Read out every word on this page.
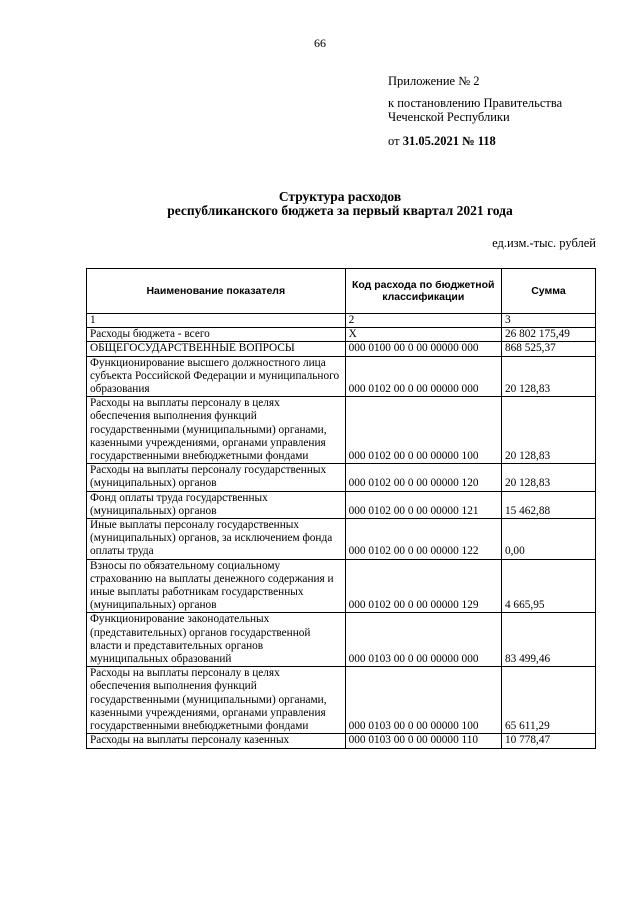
66
Приложение № 2
к постановлению Правительства
Чеченской Республики
от 31.05.2021 № 118
Структура расходов
республиканского бюджета за первый квартал 2021 года
ед.изм.-тыс. рублей
Наименование показателя	Код расхода по бюджетной классификации	Сумма
1	2	3
Расходы бюджета - всего	X	26 802 175,49
ОБЩЕГОСУДАРСТВЕННЫЕ ВОПРОСЫ	000 0100 00 0 00 00000 000	868 525,37
Функционирование высшего должностного лица субъекта Российской Федерации и муниципального образования	000 0102 00 0 00 00000 000	20 128,83
Расходы на выплаты персоналу в целях обеспечения выполнения функций государственными (муниципальными) органами, казенными учреждениями, органами управления государственными внебюджетными фондами	000 0102 00 0 00 00000 100	20 128,83
Расходы на выплаты персоналу государственных (муниципальных) органов	000 0102 00 0 00 00000 120	20 128,83
Фонд оплаты труда государственных (муниципальных) органов	000 0102 00 0 00 00000 121	15 462,88
Иные выплаты персоналу государственных (муниципальных) органов, за исключением фонда оплаты труда	000 0102 00 0 00 00000 122	0,00
Взносы по обязательному социальному страхованию на выплаты денежного содержания и иные выплаты работникам государственных (муниципальных) органов	000 0102 00 0 00 00000 129	4 665,95
Функционирование законодательных (представительных) органов государственной власти и представительных органов муниципальных образований	000 0103 00 0 00 00000 000	83 499,46
Расходы на выплаты персоналу в целях обеспечения выполнения функций государственными (муниципальными) органами, казенными учреждениями, органами управления государственными внебюджетными фондами	000 0103 00 0 00 00000 100	65 611,29
Расходы на выплаты персоналу казенных	000 0103 00 0 00 00000 110	10 778,47
